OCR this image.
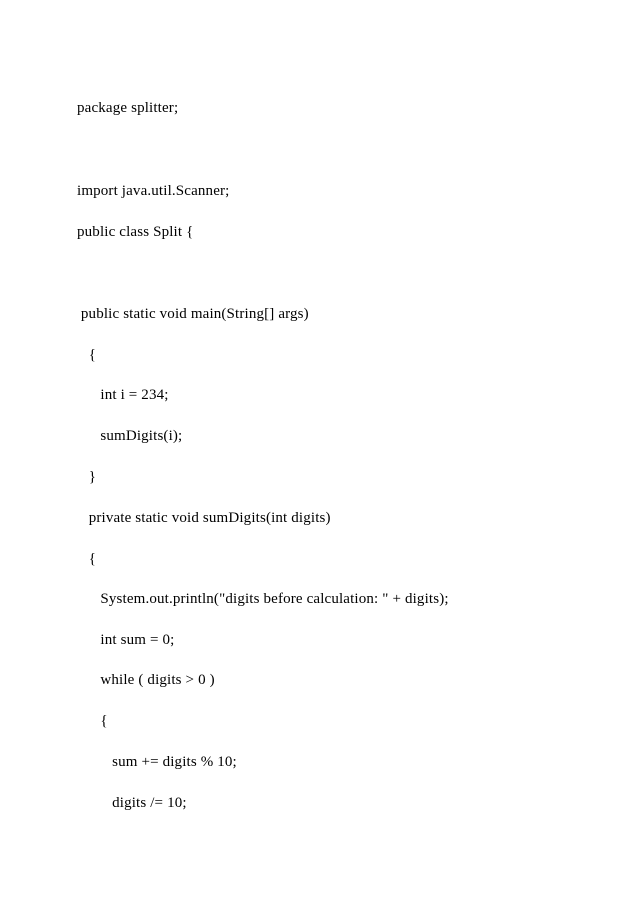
package splitter;
import java.util.Scanner;
public class Split {
public static void main(String[] args)
{
int i = 234;
sumDigits(i);
}
private static void sumDigits(int digits)
{
System.out.println("digits before calculation: " + digits);
int sum = 0;
while ( digits > 0 )
{
sum += digits % 10;
digits /= 10;
